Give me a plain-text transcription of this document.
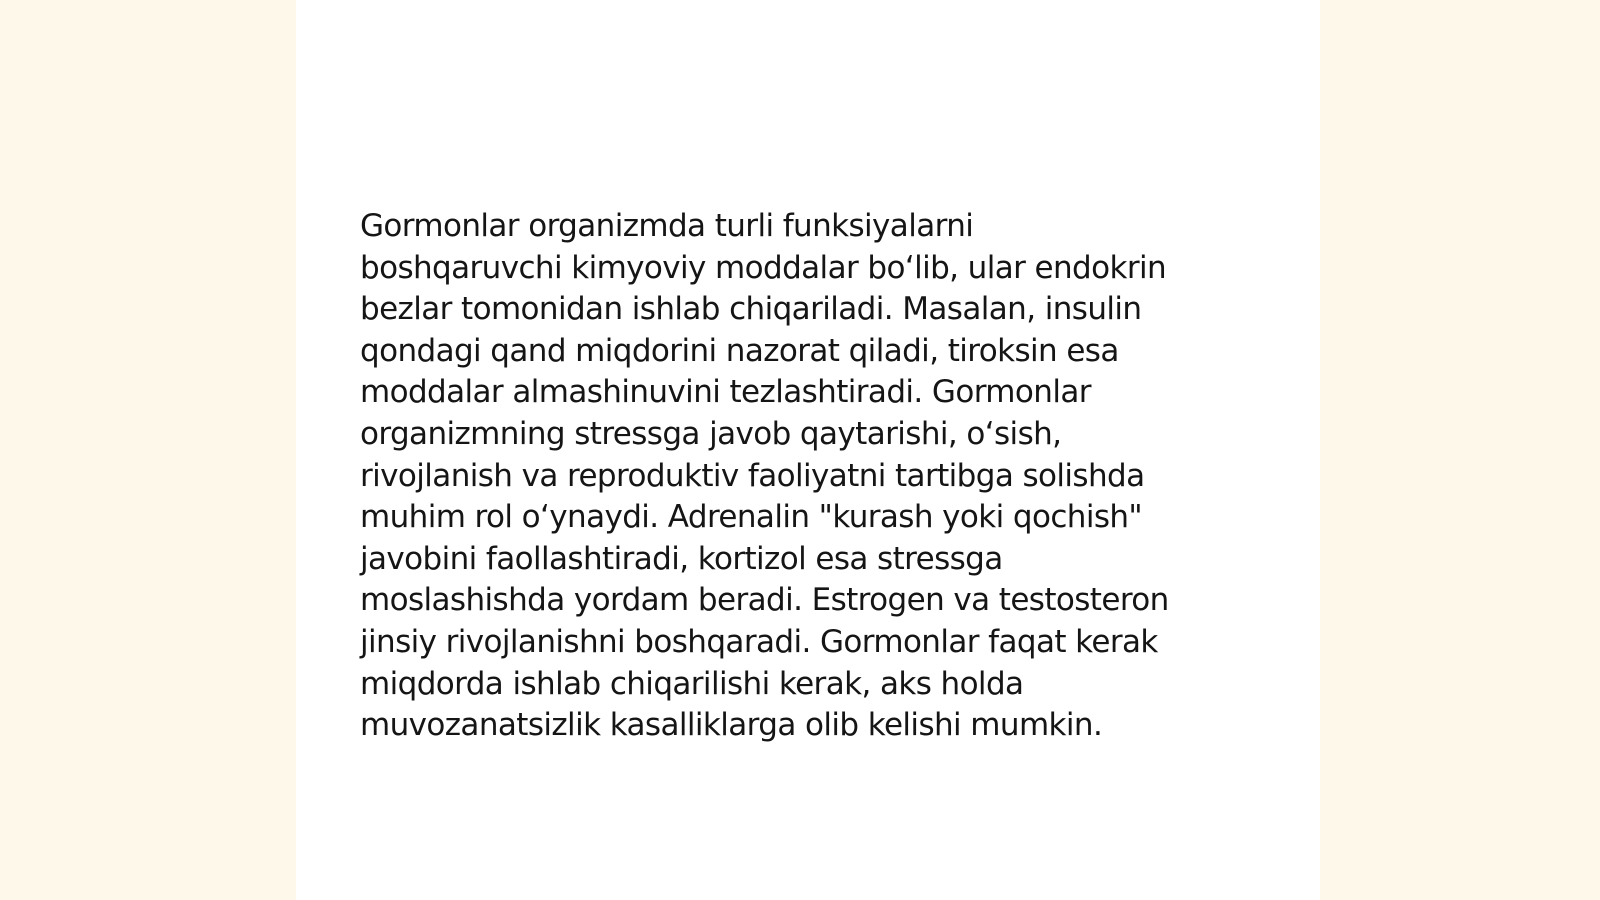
Gormonlar organizmda turli funksiyalarni
boshqaruvchi kimyoviy moddalar bo‘lib, ular endokrin
bezlar tomonidan ishlab chiqariladi. Masalan, insulin
qondagi qand miqdorini nazorat qiladi, tiroksin esa
moddalar almashinuvini tezlashtiradi. Gormonlar
organizmning stressga javob qaytarishi, o‘sish,
rivojlanish va reproduktiv faoliyatni tartibga solishda
muhim rol o‘ynaydi. Adrenalin "kurash yoki qochish"
javobini faollashtiradi, kortizol esa stressga
moslashishda yordam beradi. Estrogen va testosteron
jinsiy rivojlanishni boshqaradi. Gormonlar faqat kerak
miqdorda ishlab chiqarilishi kerak, aks holda
muvozanatsizlik kasalliklarga olib kelishi mumkin.
